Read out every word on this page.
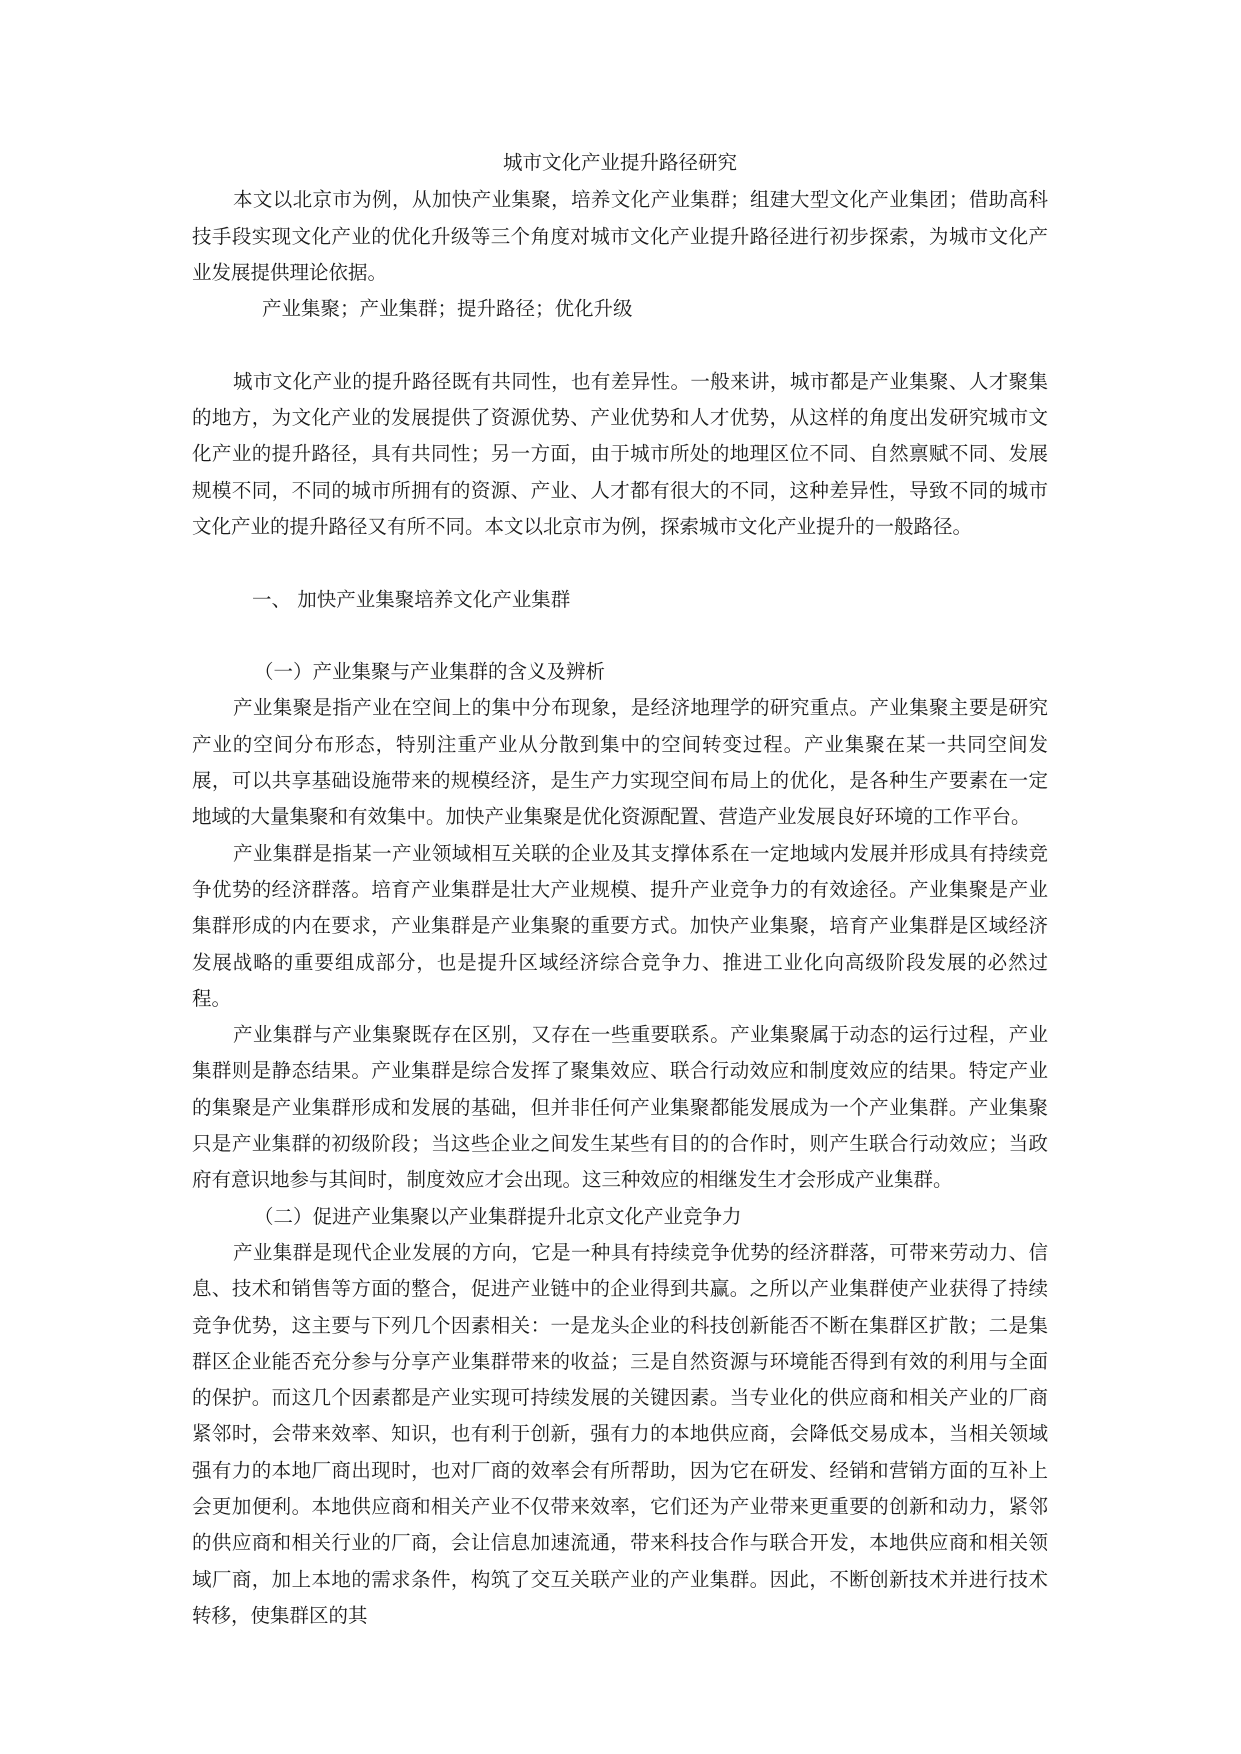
城市文化产业提升路径研究

本文以北京市为例，从加快产业集聚，培养文化产业集群；组建大型文化产业集团；借助高科技手段实现文化产业的优化升级等三个角度对城市文化产业提升路径进行初步探索，为城市文化产业发展提供理论依据。

产业集聚；产业集群；提升路径；优化升级

城市文化产业的提升路径既有共同性，也有差异性。一般来讲，城市都是产业集聚、人才聚集的地方，为文化产业的发展提供了资源优势、产业优势和人才优势，从这样的角度出发研究城市文化产业的提升路径，具有共同性；另一方面，由于城市所处的地理区位不同、自然禀赋不同、发展规模不同，不同的城市所拥有的资源、产业、人才都有很大的不同，这种差异性，导致不同的城市文化产业的提升路径又有所不同。本文以北京市为例，探索城市文化产业提升的一般路径。

一、 加快产业集聚培养文化产业集群

（一）产业集聚与产业集群的含义及辨析

产业集聚是指产业在空间上的集中分布现象，是经济地理学的研究重点。产业集聚主要是研究产业的空间分布形态，特别注重产业从分散到集中的空间转变过程。产业集聚在某一共同空间发展，可以共享基础设施带来的规模经济，是生产力实现空间布局上的优化，是各种生产要素在一定地域的大量集聚和有效集中。加快产业集聚是优化资源配置、营造产业发展良好环境的工作平台。

产业集群是指某一产业领域相互关联的企业及其支撑体系在一定地域内发展并形成具有持续竞争优势的经济群落。培育产业集群是壮大产业规模、提升产业竞争力的有效途径。产业集聚是产业集群形成的内在要求，产业集群是产业集聚的重要方式。加快产业集聚，培育产业集群是区域经济发展战略的重要组成部分，也是提升区域经济综合竞争力、推进工业化向高级阶段发展的必然过程。

产业集群与产业集聚既存在区别，又存在一些重要联系。产业集聚属于动态的运行过程，产业集群则是静态结果。产业集群是综合发挥了聚集效应、联合行动效应和制度效应的结果。特定产业的集聚是产业集群形成和发展的基础，但并非任何产业集聚都能发展成为一个产业集群。产业集聚只是产业集群的初级阶段；当这些企业之间发生某些有目的的合作时，则产生联合行动效应；当政府有意识地参与其间时，制度效应才会出现。这三种效应的相继发生才会形成产业集群。

（二）促进产业集聚以产业集群提升北京文化产业竞争力

产业集群是现代企业发展的方向，它是一种具有持续竞争优势的经济群落，可带来劳动力、信息、技术和销售等方面的整合，促进产业链中的企业得到共赢。之所以产业集群使产业获得了持续竞争优势，这主要与下列几个因素相关：一是龙头企业的科技创新能否不断在集群区扩散；二是集群区企业能否充分参与分享产业集群带来的收益；三是自然资源与环境能否得到有效的利用与全面的保护。而这几个因素都是产业实现可持续发展的关键因素。当专业化的供应商和相关产业的厂商紧邻时，会带来效率、知识，也有利于创新，强有力的本地供应商，会降低交易成本，当相关领域强有力的本地厂商出现时，也对厂商的效率会有所帮助，因为它在研发、经销和营销方面的互补上会更加便利。本地供应商和相关产业不仅带来效率，它们还为产业带来更重要的创新和动力，紧邻的供应商和相关行业的厂商，会让信息加速流通，带来科技合作与联合开发，本地供应商和相关领域厂商，加上本地的需求条件，构筑了交互关联产业的产业集群。因此，不断创新技术并进行技术转移，使集群区的其
